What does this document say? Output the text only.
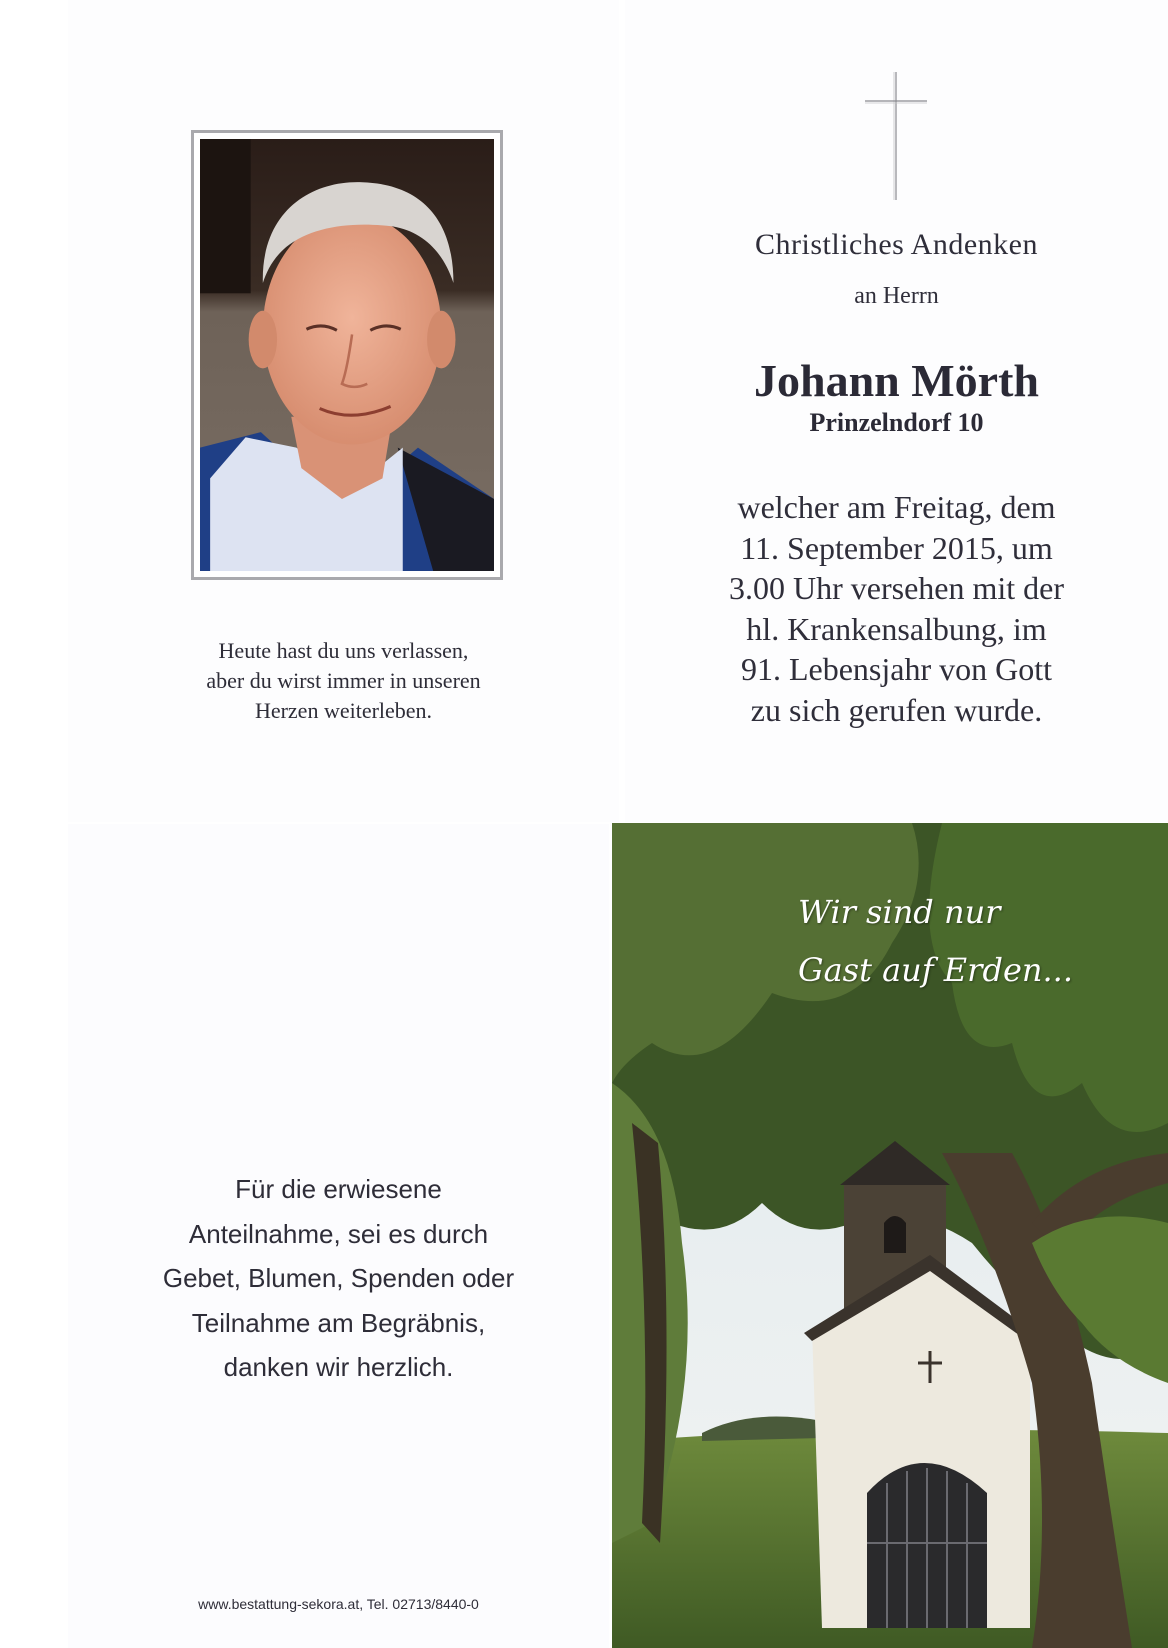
Heute hast du uns verlassen,
aber du wirst immer in unseren
Herzen weiterleben.
Christliches Andenken
an Herrn
Johann Mörth
Prinzelndorf 10
welcher am Freitag, dem
11. September 2015, um
3.00 Uhr versehen mit der
hl. Krankensalbung, im
91. Lebensjahr von Gott
zu sich gerufen wurde.
Für die erwiesene
Anteilnahme, sei es durch
Gebet, Blumen, Spenden oder
Teilnahme am Begräbnis,
danken wir herzlich.
www.bestattung-sekora.at, Tel. 02713/8440-0
Wir sind nur
Gast auf Erden...
